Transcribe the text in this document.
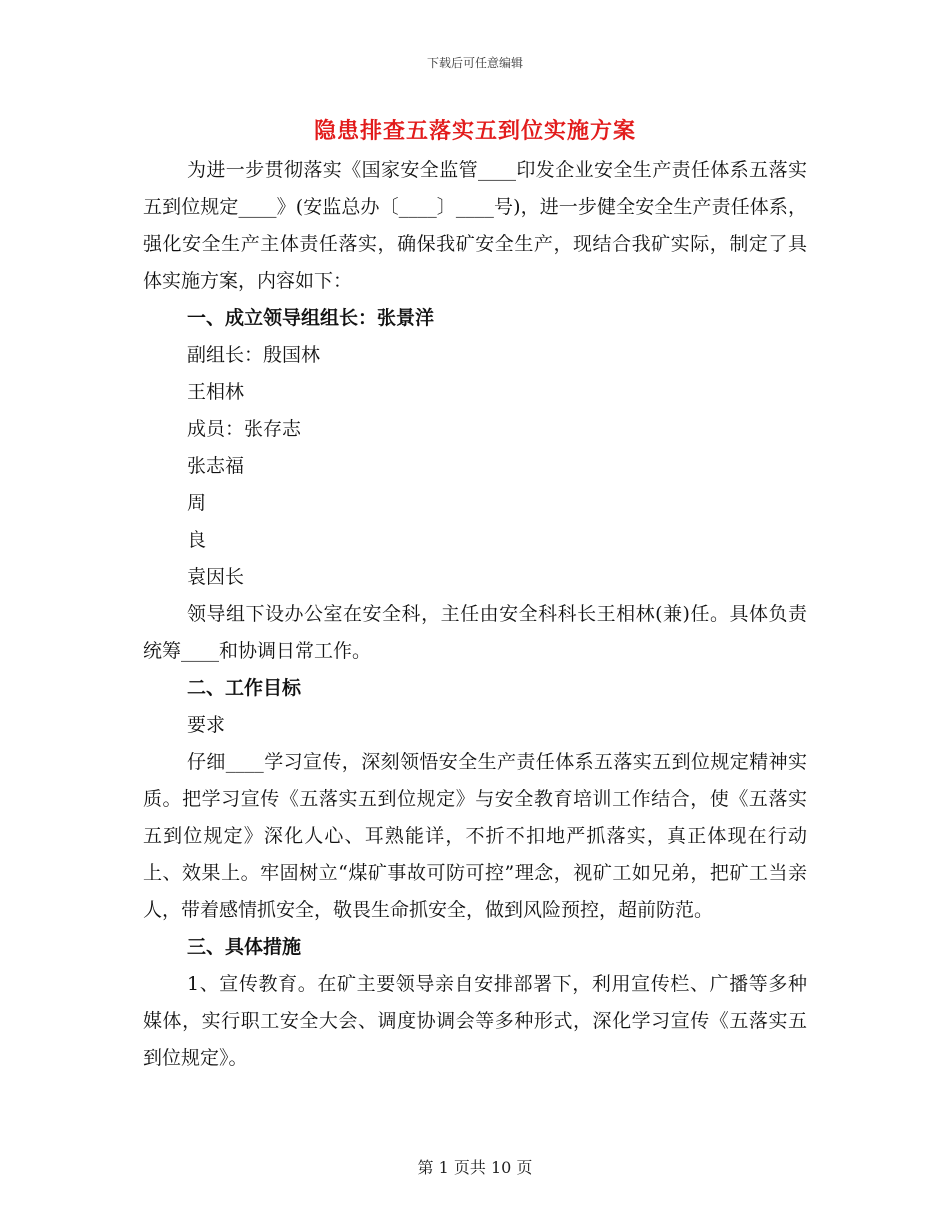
下载后可任意编辑
隐患排查五落实五到位实施方案

为进一步贯彻落实《国家安全监管____印发企业安全生产责任体系五落实五到位规定____》(安监总办〔____〕____号)，进一步健全安全生产责任体系，强化安全生产主体责任落实，确保我矿安全生产，现结合我矿实际，制定了具体实施方案，内容如下：

一、成立领导组组长：张景洋

副组长：殷国林

王相林

成员：张存志

张志福

周

良

袁因长

领导组下设办公室在安全科，主任由安全科科长王相林(兼)任。具体负责统筹____和协调日常工作。

二、工作目标

要求

仔细____学习宣传，深刻领悟安全生产责任体系五落实五到位规定精神实质。把学习宣传《五落实五到位规定》与安全教育培训工作结合，使《五落实五到位规定》深化人心、耳熟能详，不折不扣地严抓落实，真正体现在行动上、效果上。牢固树立“煤矿事故可防可控”理念，视矿工如兄弟，把矿工当亲人，带着感情抓安全，敬畏生命抓安全，做到风险预控，超前防范。

三、具体措施

1、宣传教育。在矿主要领导亲自安排部署下，利用宣传栏、广播等多种媒体，实行职工安全大会、调度协调会等多种形式，深化学习宣传《五落实五到位规定》。

第 1 页共 10 页
